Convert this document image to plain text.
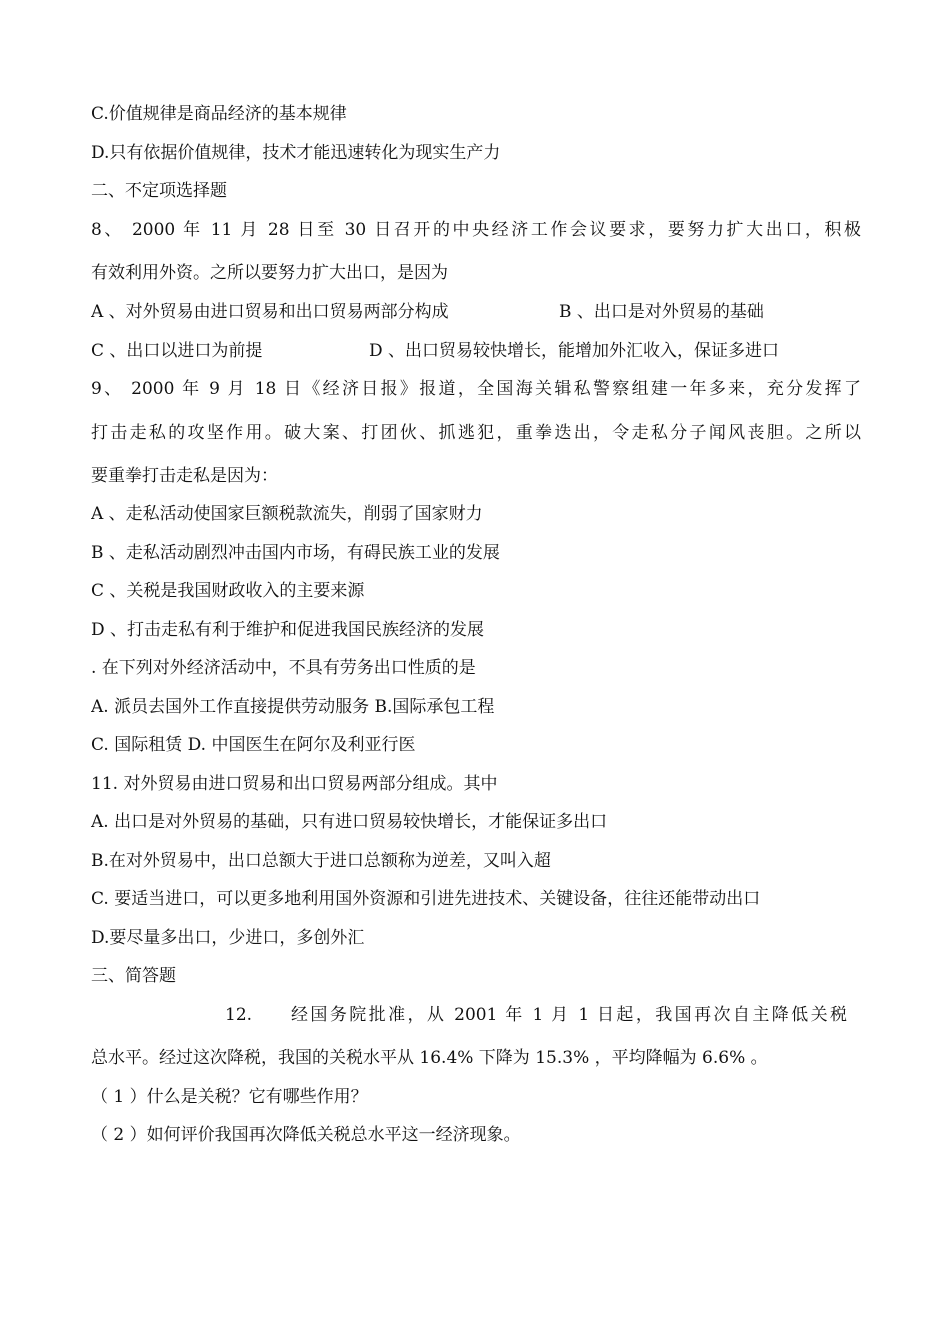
C.价值规律是商品经济的基本规律
D.只有依据价值规律，技术才能迅速转化为现实生产力
二、不定项选择题
8、 2000 年 11 月 28 日至 30 日召开的中央经济工作会议要求，要努力扩大出口，积极
有效利用外资。之所以要努力扩大出口，是因为
A 、对外贸易由进口贸易和出口贸易两部分构成	B 、出口是对外贸易的基础
C 、出口以进口为前提	D 、出口贸易较快增长，能增加外汇收入，保证多进口
9、 2000 年 9 月 18 日《经济日报》报道，全国海关辑私警察组建一年多来，充分发挥了
打击走私的攻坚作用。破大案、打团伙、抓逃犯，重拳迭出，令走私分子闻风丧胆。之所以
要重拳打击走私是因为：
A 、走私活动使国家巨额税款流失，削弱了国家财力
B 、走私活动剧烈冲击国内市场，有碍民族工业的发展
C 、关税是我国财政收入的主要来源
D 、打击走私有利于维护和促进我国民族经济的发展
. 在下列对外经济活动中，不具有劳务出口性质的是
A. 派员去国外工作直接提供劳动服务 B.国际承包工程
C. 国际租赁 D. 中国医生在阿尔及利亚行医
11. 对外贸易由进口贸易和出口贸易两部分组成。其中
A. 出口是对外贸易的基础，只有进口贸易较快增长，才能保证多出口
B.在对外贸易中，出口总额大于进口总额称为逆差，又叫入超
C. 要适当进口，可以更多地利用国外资源和引进先进技术、关键设备，往往还能带动出口
D.要尽量多出口，少进口，多创外汇
三、简答题
12. 经国务院批准，从 2001 年 1 月 1 日起，我国再次自主降低关税
总水平。经过这次降税，我国的关税水平从 16.4% 下降为 15.3% ，平均降幅为 6.6% 。
（ 1 ）什么是关税？它有哪些作用？
（ 2 ）如何评价我国再次降低关税总水平这一经济现象。
